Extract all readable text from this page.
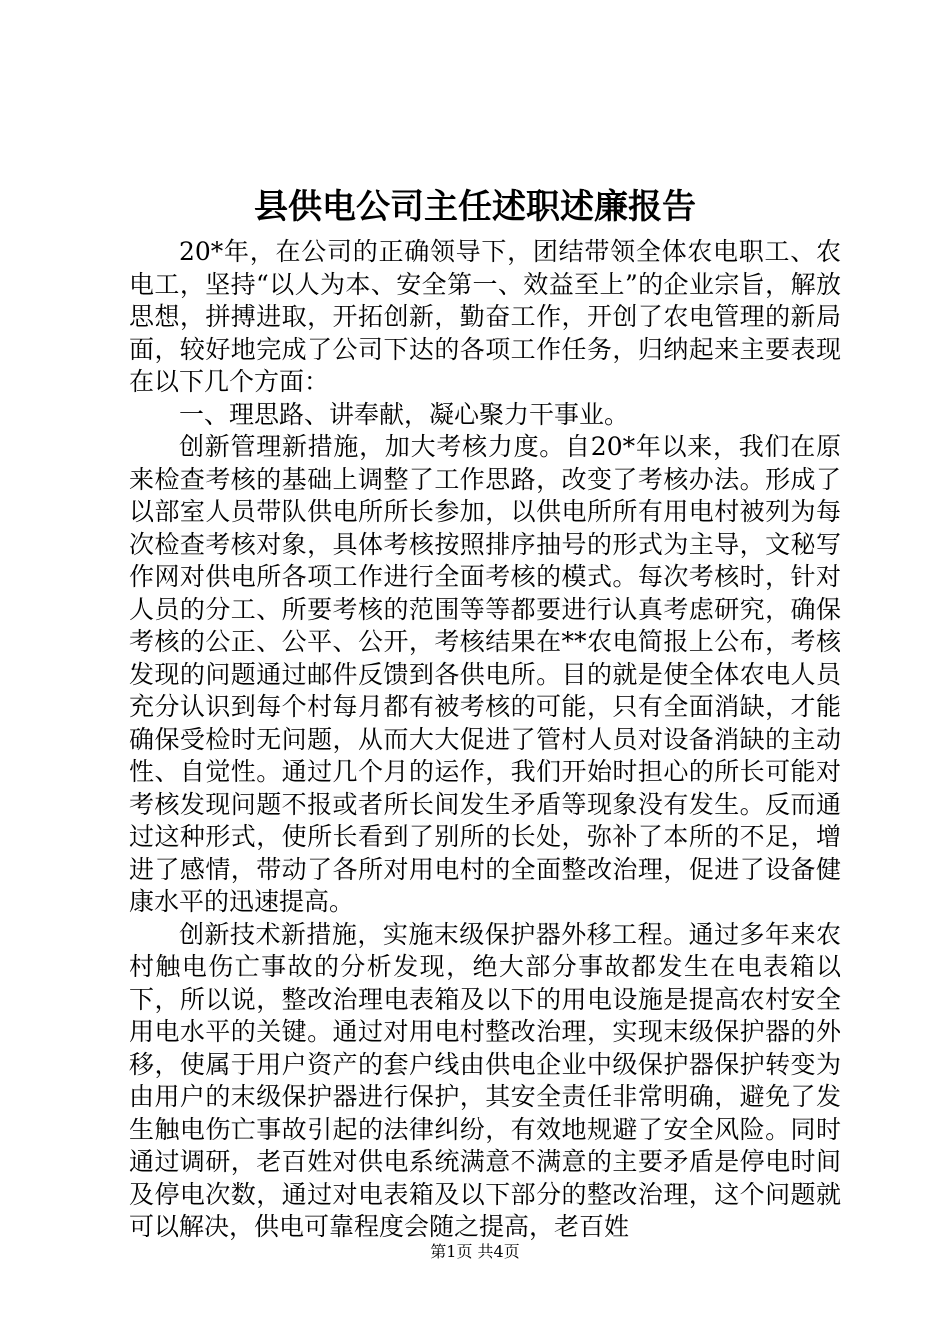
县供电公司主任述职述廉报告

20*年，在公司的正确领导下，团结带领全体农电职工、农电工，坚持“以人为本、安全第一、效益至上”的企业宗旨，解放思想，拼搏进取，开拓创新，勤奋工作，开创了农电管理的新局面，较好地完成了公司下达的各项工作任务，归纳起来主要表现在以下几个方面：

一、理思路、讲奉献，凝心聚力干事业。

创新管理新措施，加大考核力度。自20*年以来，我们在原来检查考核的基础上调整了工作思路，改变了考核办法。形成了以部室人员带队供电所所长参加，以供电所所有用电村被列为每次检查考核对象，具体考核按照排序抽号的形式为主导，文秘写作网对供电所各项工作进行全面考核的模式。每次考核时，针对人员的分工、所要考核的范围等等都要进行认真考虑研究，确保考核的公正、公平、公开，考核结果在**农电简报上公布，考核发现的问题通过邮件反馈到各供电所。目的就是使全体农电人员充分认识到每个村每月都有被考核的可能，只有全面消缺，才能确保受检时无问题，从而大大促进了管村人员对设备消缺的主动性、自觉性。通过几个月的运作，我们开始时担心的所长可能对考核发现问题不报或者所长间发生矛盾等现象没有发生。反而通过这种形式，使所长看到了别所的长处，弥补了本所的不足，增进了感情，带动了各所对用电村的全面整改治理，促进了设备健康水平的迅速提高。

创新技术新措施，实施末级保护器外移工程。通过多年来农村触电伤亡事故的分析发现，绝大部分事故都发生在电表箱以下，所以说，整改治理电表箱及以下的用电设施是提高农村安全用电水平的关键。通过对用电村整改治理，实现末级保护器的外移，使属于用户资产的套户线由供电企业中级保护器保护转变为由用户的末级保护器进行保护，其安全责任非常明确，避免了发生触电伤亡事故引起的法律纠纷，有效地规避了安全风险。同时通过调研，老百姓对供电系统满意不满意的主要矛盾是停电时间及停电次数，通过对电表箱及以下部分的整改治理，这个问题就可以解决，供电可靠程度会随之提高，老百姓

第1页 共4页
